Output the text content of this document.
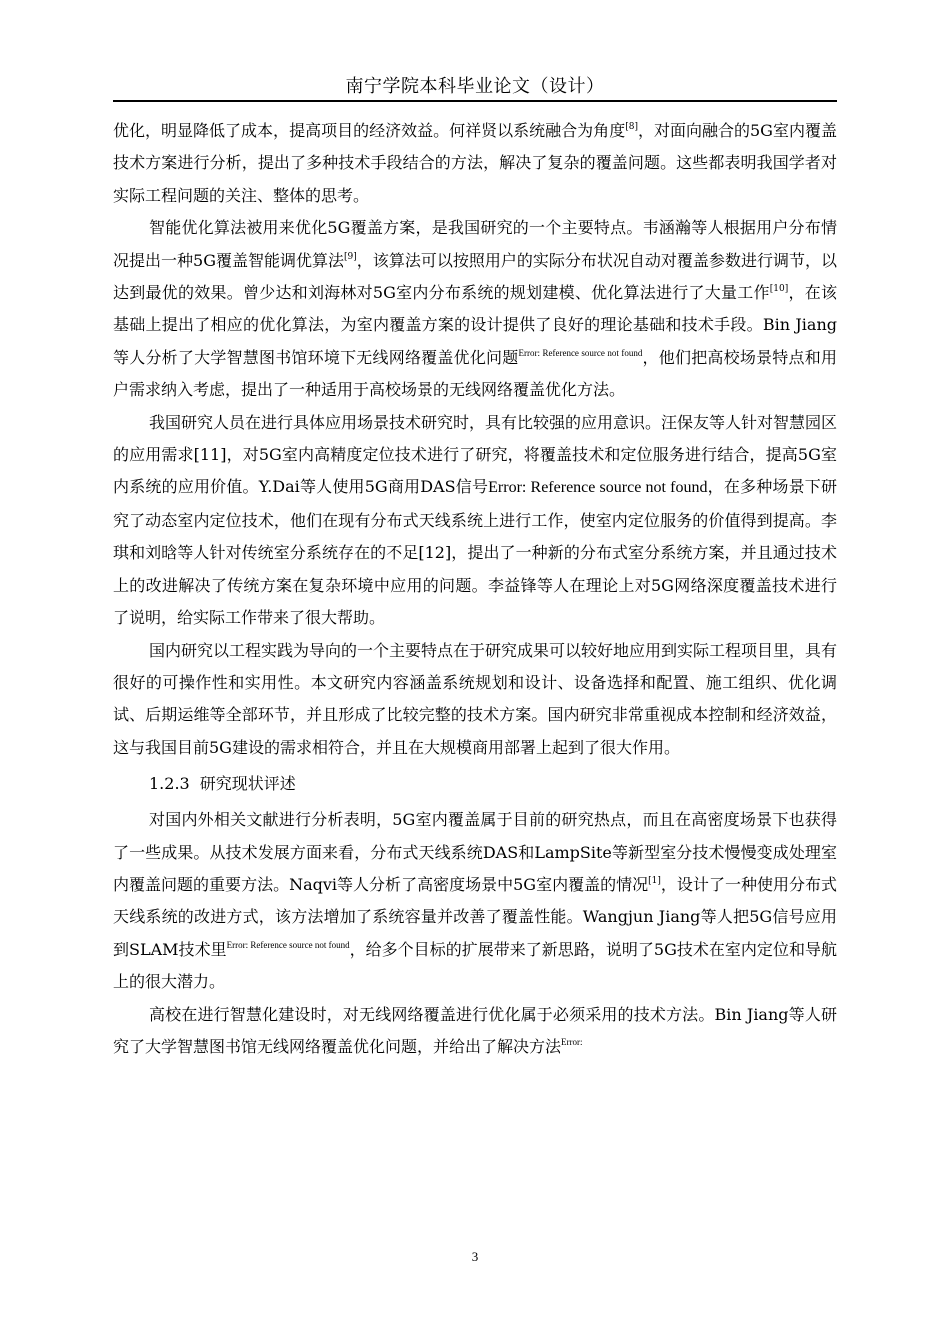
南宁学院本科毕业论文（设计）

优化，明显降低了成本，提高项目的经济效益。何祥贤以系统融合为角度[8]，对面向融合的5G室内覆盖技术方案进行分析，提出了多种技术手段结合的方法，解决了复杂的覆盖问题。这些都表明我国学者对实际工程问题的关注、整体的思考。

智能优化算法被用来优化5G覆盖方案，是我国研究的一个主要特点。韦涵瀚等人根据用户分布情况提出一种5G覆盖智能调优算法[9]，该算法可以按照用户的实际分布状况自动对覆盖参数进行调节，以达到最优的效果。曾少达和刘海林对5G室内分布系统的规划建模、优化算法进行了大量工作[10]，在该基础上提出了相应的优化算法，为室内覆盖方案的设计提供了良好的理论基础和技术手段。Bin Jiang等人分析了大学智慧图书馆环境下无线网络覆盖优化问题$^{Error: Reference source not found}$，他们把高校场景特点和用户需求纳入考虑，提出了一种适用于高校场景的无线网络覆盖优化方法。

我国研究人员在进行具体应用场景技术研究时，具有比较强的应用意识。汪保友等人针对智慧园区的应用需求[11]，对5G室内高精度定位技术进行了研究，将覆盖技术和定位服务进行结合，提高5G室内系统的应用价值。Y.Dai等人使用5G商用DAS信号Error: Reference source not found，在多种场景下研究了动态室内定位技术，他们在现有分布式天线系统上进行工作，使室内定位服务的价值得到提高。李琪和刘晗等人针对传统室分系统存在的不足[12]，提出了一种新的分布式室分系统方案，并且通过技术上的改进解决了传统方案在复杂环境中应用的问题。李益锋等人在理论上对5G网络深度覆盖技术进行了说明，给实际工作带来了很大帮助。

国内研究以工程实践为导向的一个主要特点在于研究成果可以较好地应用到实际工程项目里，具有很好的可操作性和实用性。本文研究内容涵盖系统规划和设计、设备选择和配置、施工组织、优化调试、后期运维等全部环节，并且形成了比较完整的技术方案。国内研究非常重视成本控制和经济效益，这与我国目前5G建设的需求相符合，并且在大规模商用部署上起到了很大作用。

1.2.3 研究现状评述

对国内外相关文献进行分析表明，5G室内覆盖属于目前的研究热点，而且在高密度场景下也获得了一些成果。从技术发展方面来看，分布式天线系统DAS和LampSite等新型室分技术慢慢变成处理室内覆盖问题的重要方法。Naqvi等人分析了高密度场景中5G室内覆盖的情况[1]，设计了一种使用分布式天线系统的改进方式，该方法增加了系统容量并改善了覆盖性能。Wangjun Jiang等人把5G信号应用到SLAM技术里$^{Error: Reference source not found}$，给多个目标的扩展带来了新思路，说明了5G技术在室内定位和导航上的很大潜力。

高校在进行智慧化建设时，对无线网络覆盖进行优化属于必须采用的技术方法。Bin Jiang等人研究了大学智慧图书馆无线网络覆盖优化问题，并给出了解决方法$^{Error:}$

3
